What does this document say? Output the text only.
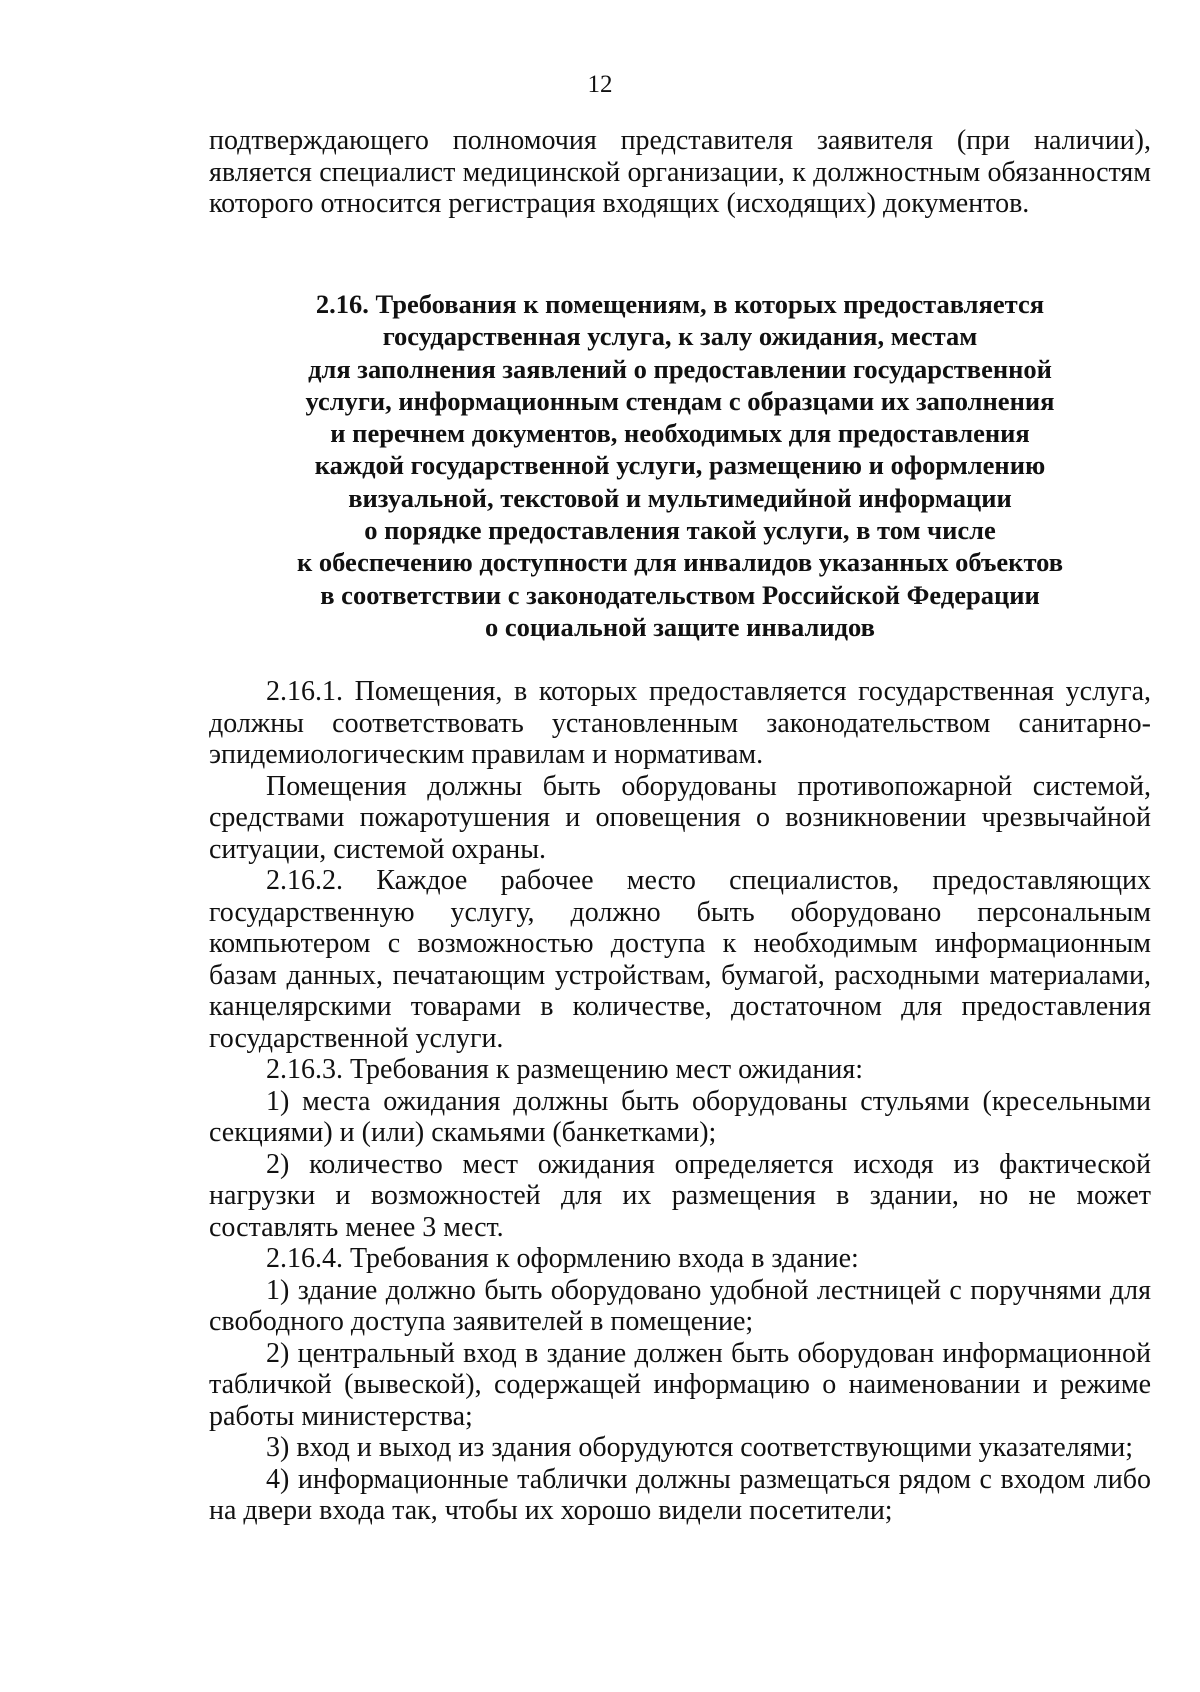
12

подтверждающего полномочия представителя заявителя (при наличии), является специалист медицинской организации, к должностным обязанностям которого относится регистрация входящих (исходящих) документов.

2.16. Требования к помещениям, в которых предоставляется
государственная услуга, к залу ожидания, местам
для заполнения заявлений о предоставлении государственной
услуги, информационным стендам с образцами их заполнения
и перечнем документов, необходимых для предоставления
каждой государственной услуги, размещению и оформлению
визуальной, текстовой и мультимедийной информации
о порядке предоставления такой услуги, в том числе
к обеспечению доступности для инвалидов указанных объектов
в соответствии с законодательством Российской Федерации
о социальной защите инвалидов

2.16.1. Помещения, в которых предоставляется государственная услуга, должны соответствовать установленным законодательством санитарно-эпидемиологическим правилам и нормативам.

Помещения должны быть оборудованы противопожарной системой, средствами пожаротушения и оповещения о возникновении чрезвычайной ситуации, системой охраны.

2.16.2. Каждое рабочее место специалистов, предоставляющих государственную услугу, должно быть оборудовано персональным компьютером с возможностью доступа к необходимым информационным базам данных, печатающим устройствам, бумагой, расходными материалами, канцелярскими товарами в количестве, достаточном для предоставления государственной услуги.

2.16.3. Требования к размещению мест ожидания:

1) места ожидания должны быть оборудованы стульями (кресельными секциями) и (или) скамьями (банкетками);

2) количество мест ожидания определяется исходя из фактической нагрузки и возможностей для их размещения в здании, но не может составлять менее 3 мест.

2.16.4. Требования к оформлению входа в здание:

1) здание должно быть оборудовано удобной лестницей с поручнями для свободного доступа заявителей в помещение;

2) центральный вход в здание должен быть оборудован информационной табличкой (вывеской), содержащей информацию о наименовании и режиме работы министерства;

3) вход и выход из здания оборудуются соответствующими указателями;

4) информационные таблички должны размещаться рядом с входом либо на двери входа так, чтобы их хорошо видели посетители;
